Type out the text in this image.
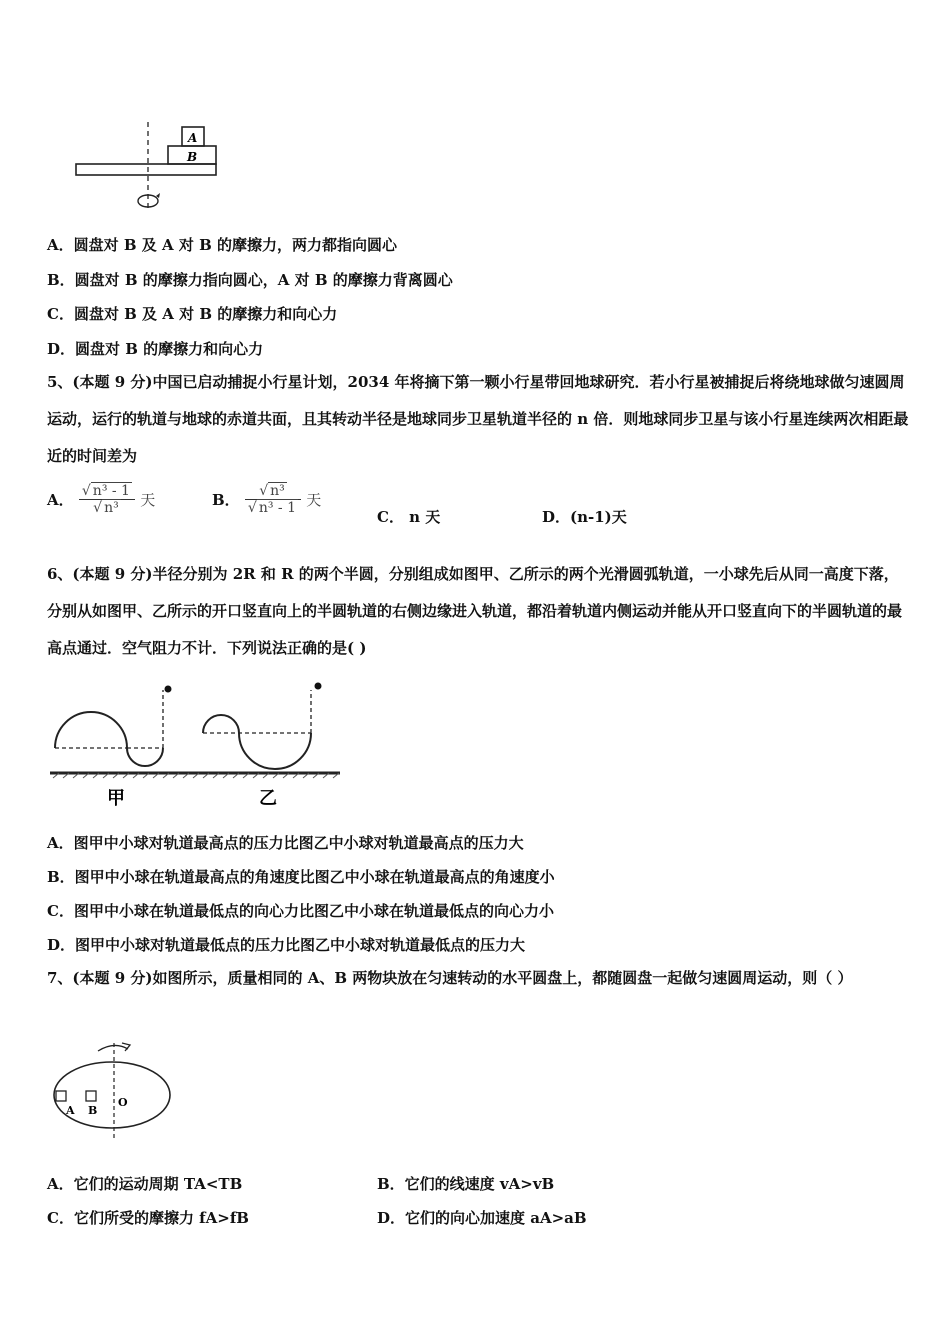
A
B
A．圆盘对 B 及 A 对 B 的摩擦力，两力都指向圆心
B．圆盘对 B 的摩擦力指向圆心，A 对 B 的摩擦力背离圆心
C．圆盘对 B 及 A 对 B 的摩擦力和向心力
D．圆盘对 B 的摩擦力和向心力
5、(本题 9 分)中国已启动捕捉小行星计划，2034 年将摘下第一颗小行星带回地球研究．若小行星被捕捉后将绕地球做匀速圆周运动，运行的轨道与地球的赤道共面，且其转动半径是地球同步卫星轨道半径的 n 倍．则地球同步卫星与该小行星连续两次相距最近的时间差为
A． $\frac{\text{√ n³ - 1}}{\text{√ n³}}$ 天	B． $\frac{\text{√ n³}}{\text{√ n³ - 1}}$ 天
C． n 天	D．(n-1)天
6、(本题 9 分)半径分别为 2R 和 R 的两个半圆，分别组成如图甲、乙所示的两个光滑圆弧轨道，一小球先后从同一高度下落，分别从如图甲、乙所示的开口竖直向上的半圆轨道的右侧边缘进入轨道，都沿着轨道内侧运动并能从开口竖直向下的半圆轨道的最高点通过．空气阻力不计．下列说法正确的是( )
甲	乙
A．图甲中小球对轨道最高点的压力比图乙中小球对轨道最高点的压力大
B．图甲中小球在轨道最高点的角速度比图乙中小球在轨道最高点的角速度小
C．图甲中小球在轨道最低点的向心力比图乙中小球在轨道最低点的向心力小
D．图甲中小球对轨道最低点的压力比图乙中小球对轨道最低点的压力大
7、(本题 9 分)如图所示，质量相同的 A、B 两物块放在匀速转动的水平圆盘上，都随圆盘一起做匀速圆周运动，则（ ）
A B
O
A．它们的运动周期 TA<TB	B．它们的线速度 vA>vB
C．它们所受的摩擦力 fA>fB	D．它们的向心加速度 aA>aB
